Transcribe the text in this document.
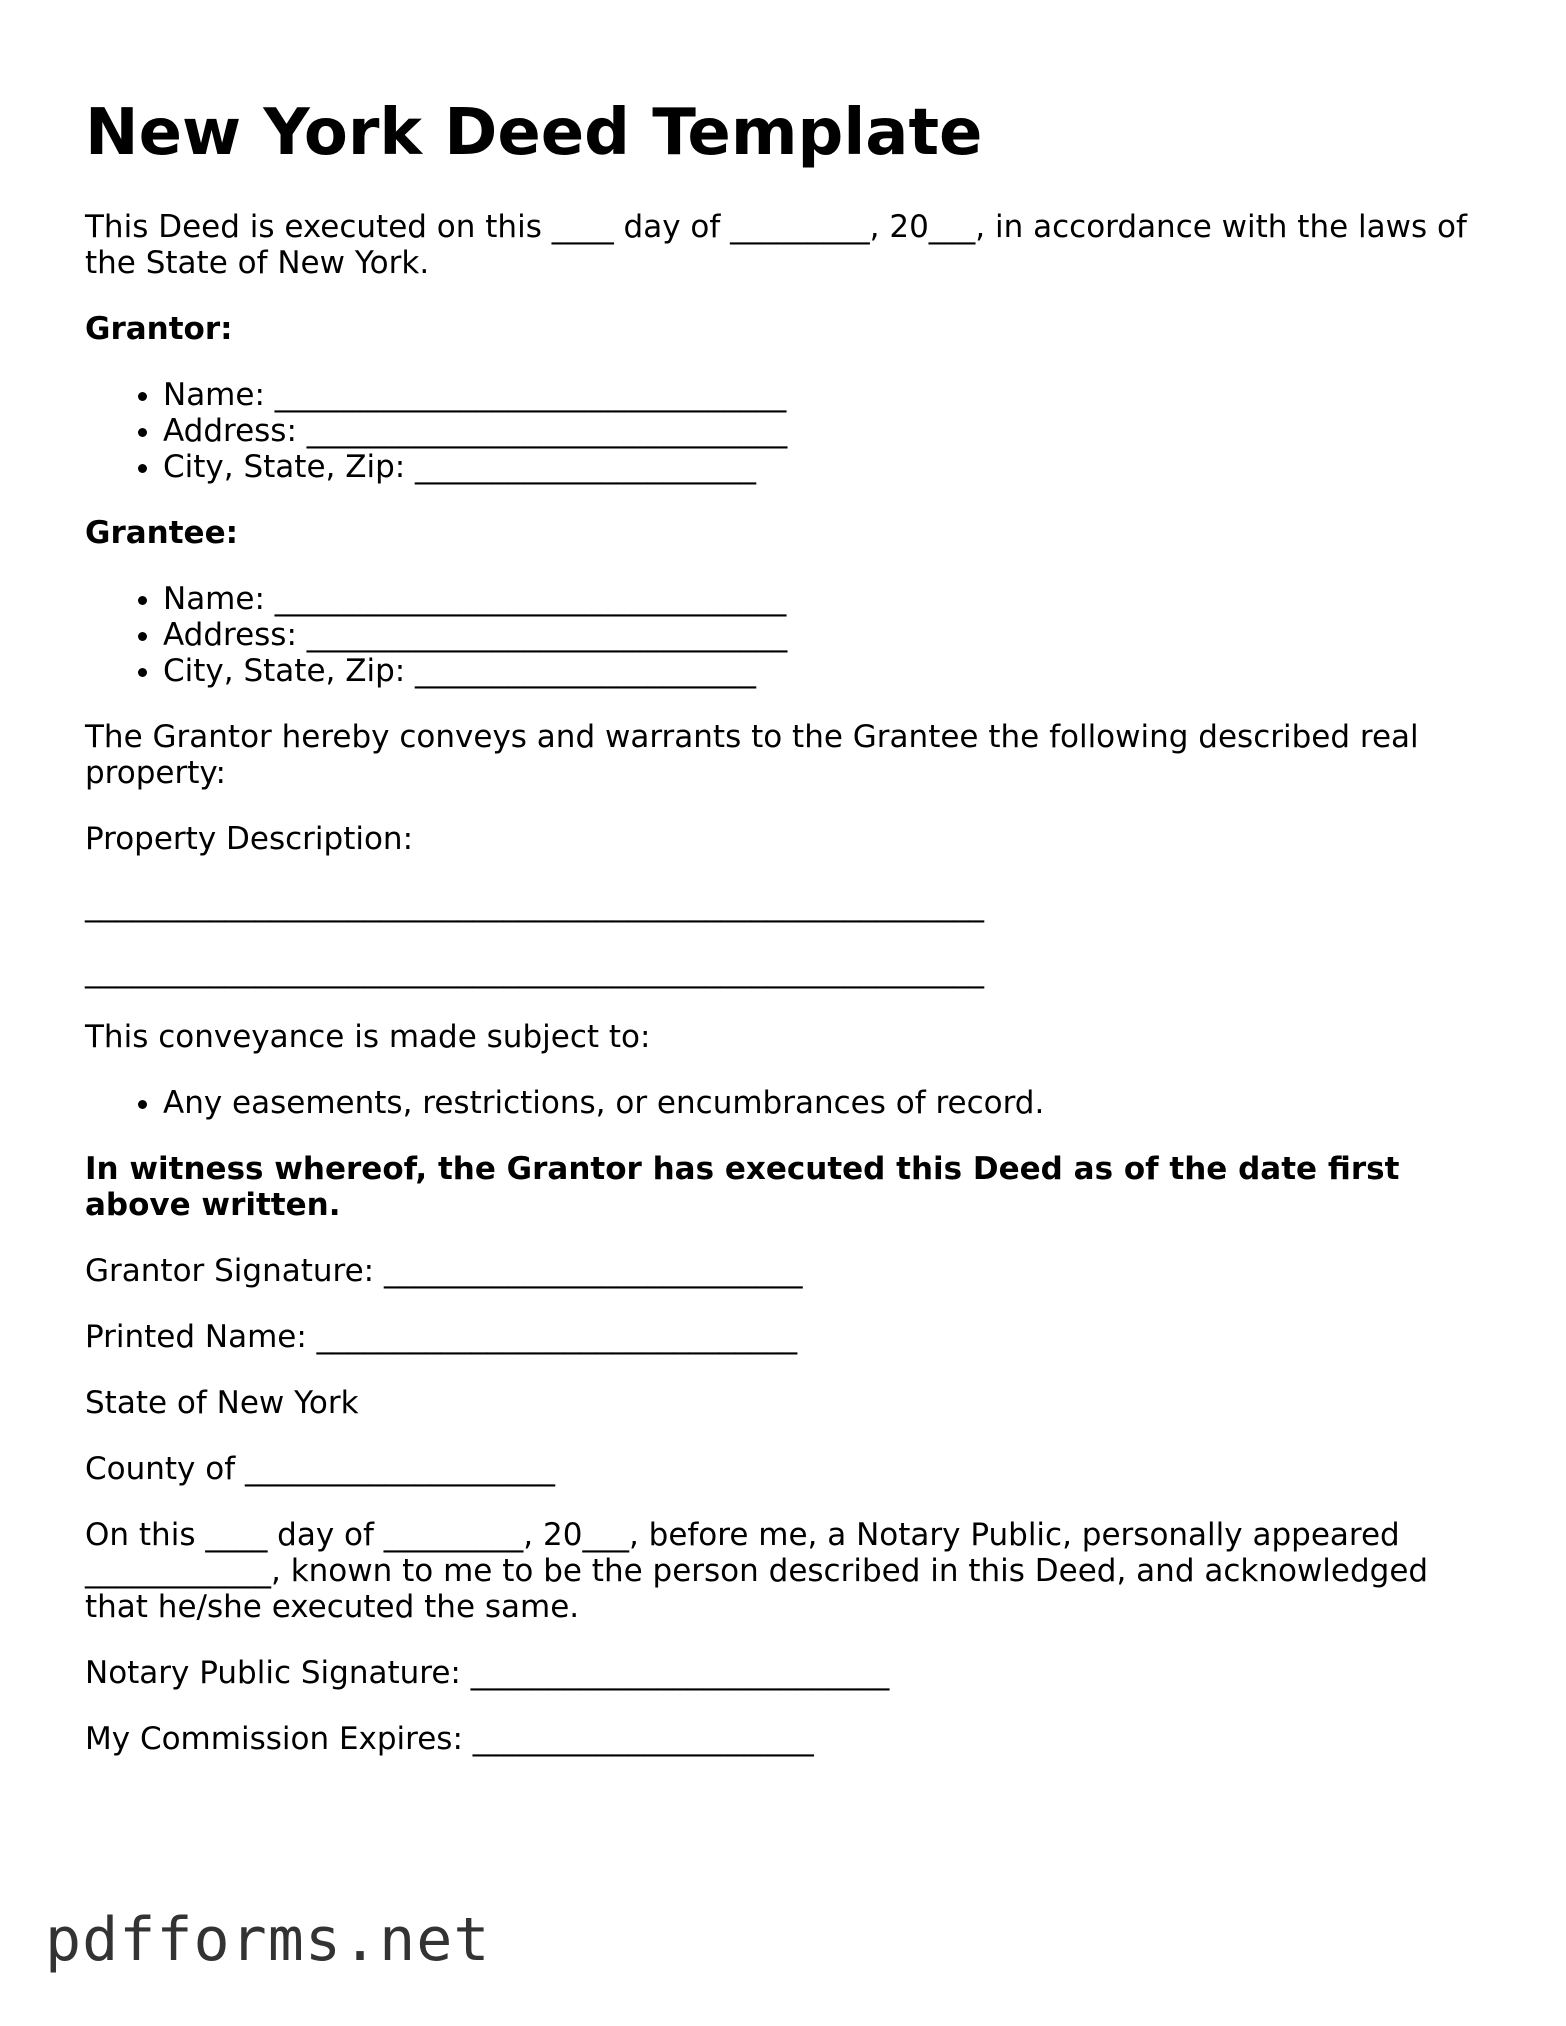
New York Deed Template

This Deed is executed on this ____ day of _________, 20___, in accordance with the laws of the State of New York.

Grantor:

• Name: _________________________________
• Address: _______________________________
• City, State, Zip: ______________________

Grantee:

• Name: _________________________________
• Address: _______________________________
• City, State, Zip: ______________________

The Grantor hereby conveys and warrants to the Grantee the following described real property:

Property Description:

__________________________________________________________
__________________________________________________________

This conveyance is made subject to:

• Any easements, restrictions, or encumbrances of record.

In witness whereof, the Grantor has executed this Deed as of the date first above written.

Grantor Signature: ___________________________

Printed Name: _______________________________

State of New York

County of ____________________

On this ____ day of _________, 20___, before me, a Notary Public, personally appeared ____________, known to me to be the person described in this Deed, and acknowledged that he/she executed the same.

Notary Public Signature: ___________________________

My Commission Expires: ______________________

pdfforms.net
